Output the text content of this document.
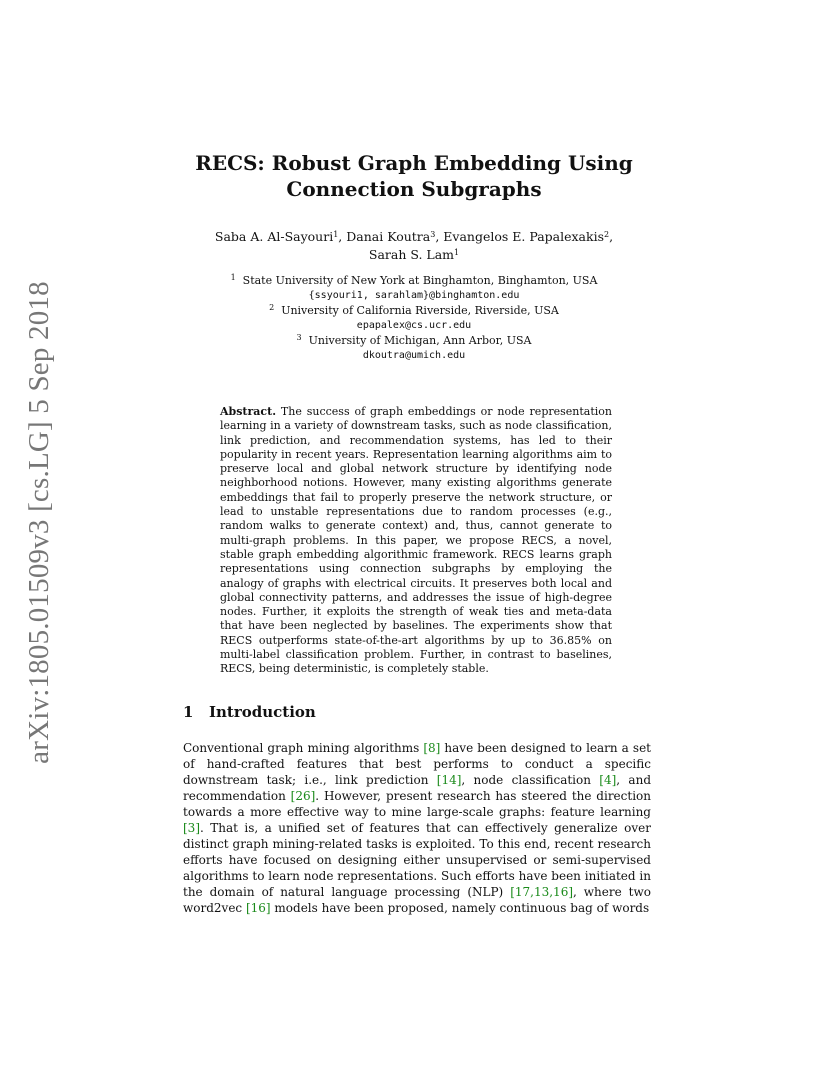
arXiv:1805.01509v3 [cs.LG] 5 Sep 2018
RECS: Robust Graph Embedding Using
Connection Subgraphs
Saba A. Al-Sayouri$^1$, Danai Koutra$^3$, Evangelos E. Papalexakis$^2$,
Sarah S. Lam$^1$
$^1$ State University of New York at Binghamton, Binghamton, USA
{ssyouri1, sarahlam}@binghamton.edu
$^2$ University of California Riverside, Riverside, USA
epapalex@cs.ucr.edu
$^3$ University of Michigan, Ann Arbor, USA
dkoutra@umich.edu

Abstract. The success of graph embeddings or node representation learning in a variety of downstream tasks, such as node classification, link prediction, and recommendation systems, has led to their popularity in recent years. Representation learning algorithms aim to preserve local and global network structure by identifying node neighborhood notions. However, many existing algorithms generate embeddings that fail to properly preserve the network structure, or lead to unstable representations due to random processes (e.g., random walks to generate context) and, thus, cannot generate to multi-graph problems. In this paper, we propose RECS, a novel, stable graph embedding algorithmic framework. RECS learns graph representations using connection subgraphs by employing the analogy of graphs with electrical circuits. It preserves both local and global connectivity patterns, and addresses the issue of high-degree nodes. Further, it exploits the strength of weak ties and meta-data that have been neglected by baselines. The experiments show that RECS outperforms state-of-the-art algorithms by up to 36.85% on multi-label classification problem. Further, in contrast to baselines, RECS, being deterministic, is completely stable.

1 Introduction

Conventional graph mining algorithms [8] have been designed to learn a set of hand-crafted features that best performs to conduct a specific downstream task; i.e., link prediction [14], node classification [4], and recommendation [26]. However, present research has steered the direction towards a more effective way to mine large-scale graphs: feature learning [3]. That is, a unified set of features that can effectively generalize over distinct graph mining-related tasks is exploited. To this end, recent research efforts have focused on designing either unsupervised or semi-supervised algorithms to learn node representations. Such efforts have been initiated in the domain of natural language processing (NLP) [17,13,16], where two word2vec [16] models have been proposed, namely continuous bag of words
